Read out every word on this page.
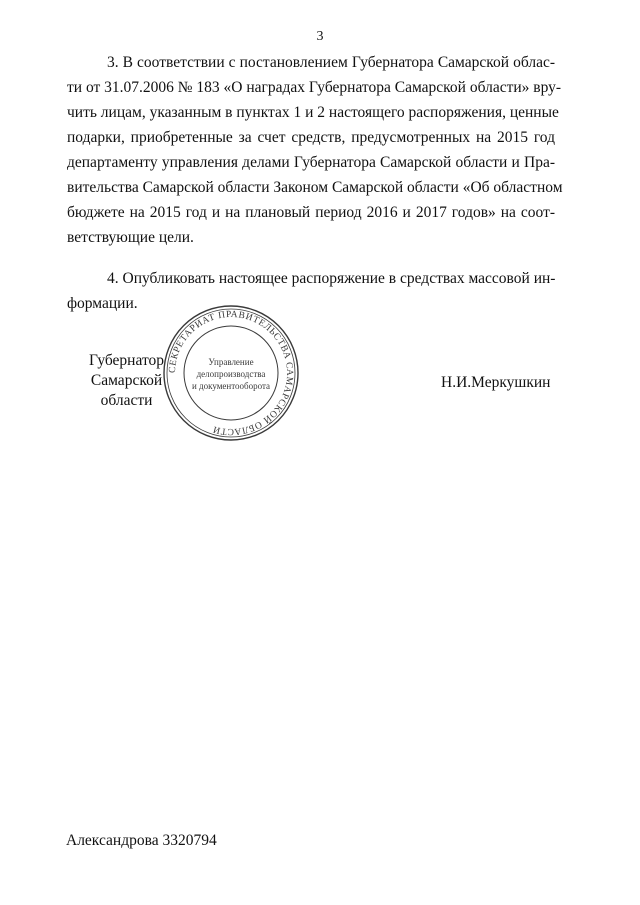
3
3. В соответствии с постановлением Губернатора Самарской облас-
ти от 31.07.2006 № 183 «О наградах Губернатора Самарской области» вру-
чить лицам, указанным в пунктах 1 и 2 настоящего распоряжения, ценные
подарки, приобретенные за счет средств, предусмотренных на 2015 год
департаменту управления делами Губернатора Самарской области и Пра-
вительства Самарской области Законом Самарской области «Об областном
бюджете на 2015 год и на плановый период 2016 и 2017 годов» на соот-
ветствующие цели.
4. Опубликовать настоящее распоряжение в средствах массовой ин-
формации.
Губернатор
Самарской области
СЕКРЕТАРИАТ ПРАВИТЕЛЬСТВА САМАРСКОЙ ОБЛАСТИ
Управление
делопроизводства
и документооборота	Н.И.Меркушкин
Александрова 3320794
